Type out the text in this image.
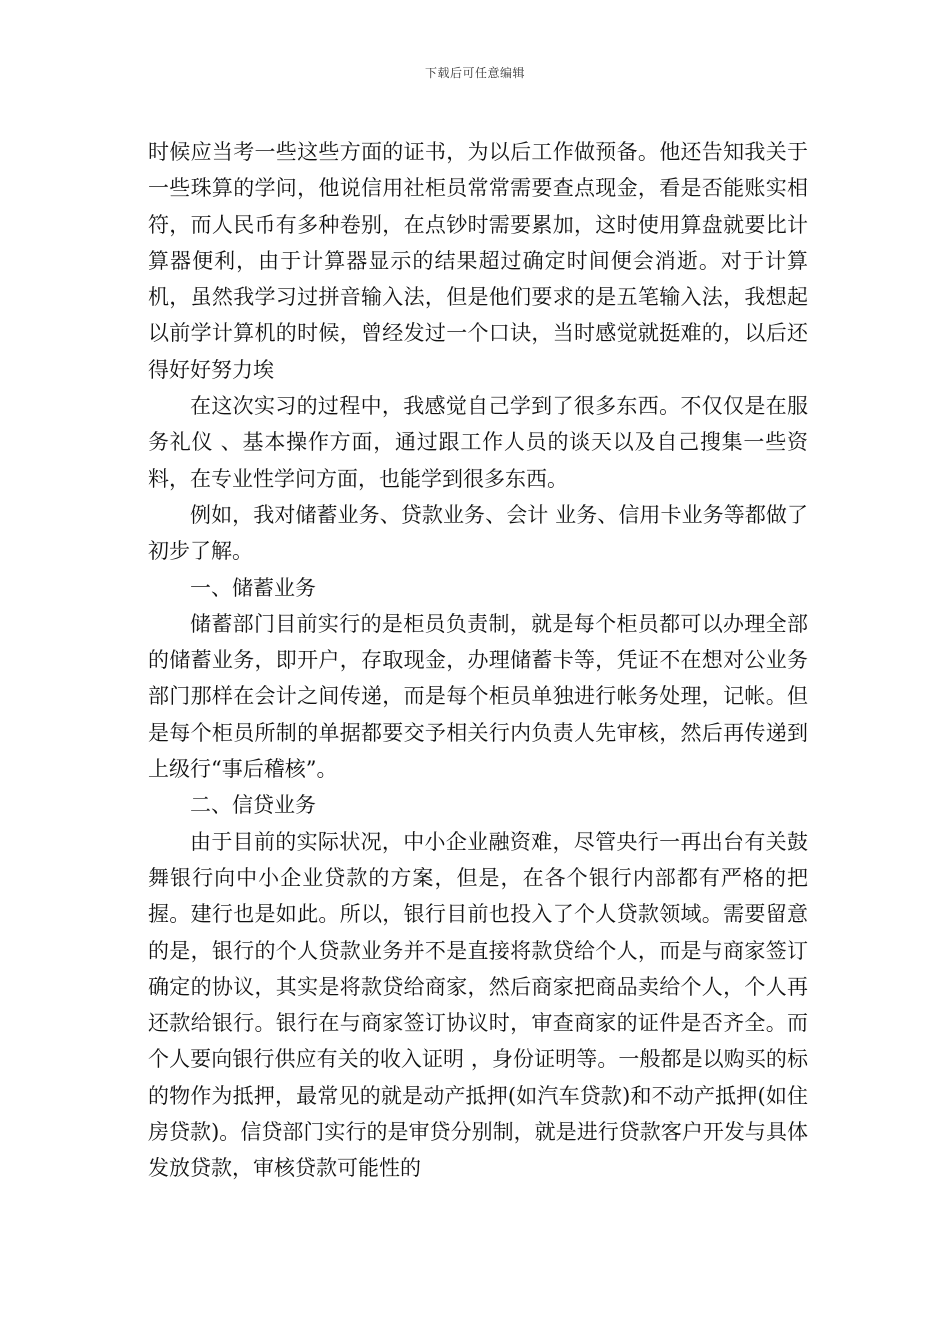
下载后可任意编辑

时候应当考一些这些方面的证书，为以后工作做预备。他还告知我关于一些珠算的学问，他说信用社柜员常常需要查点现金，看是否能账实相符，而人民币有多种卷别，在点钞时需要累加，这时使用算盘就要比计算器便利，由于计算器显示的结果超过确定时间便会消逝。对于计算机，虽然我学习过拼音输入法，但是他们要求的是五笔输入法，我想起以前学计算机的时候，曾经发过一个口诀，当时感觉就挺难的，以后还得好好努力埃

在这次实习的过程中，我感觉自己学到了很多东西。不仅仅是在服务礼仪 、基本操作方面，通过跟工作人员的谈天以及自己搜集一些资料，在专业性学问方面，也能学到很多东西。

例如，我对储蓄业务、贷款业务、会计 业务、信用卡业务等都做了初步了解。

一、储蓄业务

储蓄部门目前实行的是柜员负责制，就是每个柜员都可以办理全部的储蓄业务，即开户，存取现金，办理储蓄卡等，凭证不在想对公业务部门那样在会计之间传递，而是每个柜员单独进行帐务处理，记帐。但是每个柜员所制的单据都要交予相关行内负责人先审核，然后再传递到上级行“事后稽核”。

二、信贷业务

由于目前的实际状况，中小企业融资难，尽管央行一再出台有关鼓舞银行向中小企业贷款的方案，但是，在各个银行内部都有严格的把握。建行也是如此。所以，银行目前也投入了个人贷款领域。需要留意的是，银行的个人贷款业务并不是直接将款贷给个人，而是与商家签订确定的协议，其实是将款贷给商家，然后商家把商品卖给个人，个人再还款给银行。银行在与商家签订协议时，审查商家的证件是否齐全。而个人要向银行供应有关的收入证明 ，身份证明等。一般都是以购买的标的物作为抵押，最常见的就是动产抵押(如汽车贷款)和不动产抵押(如住房贷款)。信贷部门实行的是审贷分别制，就是进行贷款客户开发与具体发放贷款，审核贷款可能性的
